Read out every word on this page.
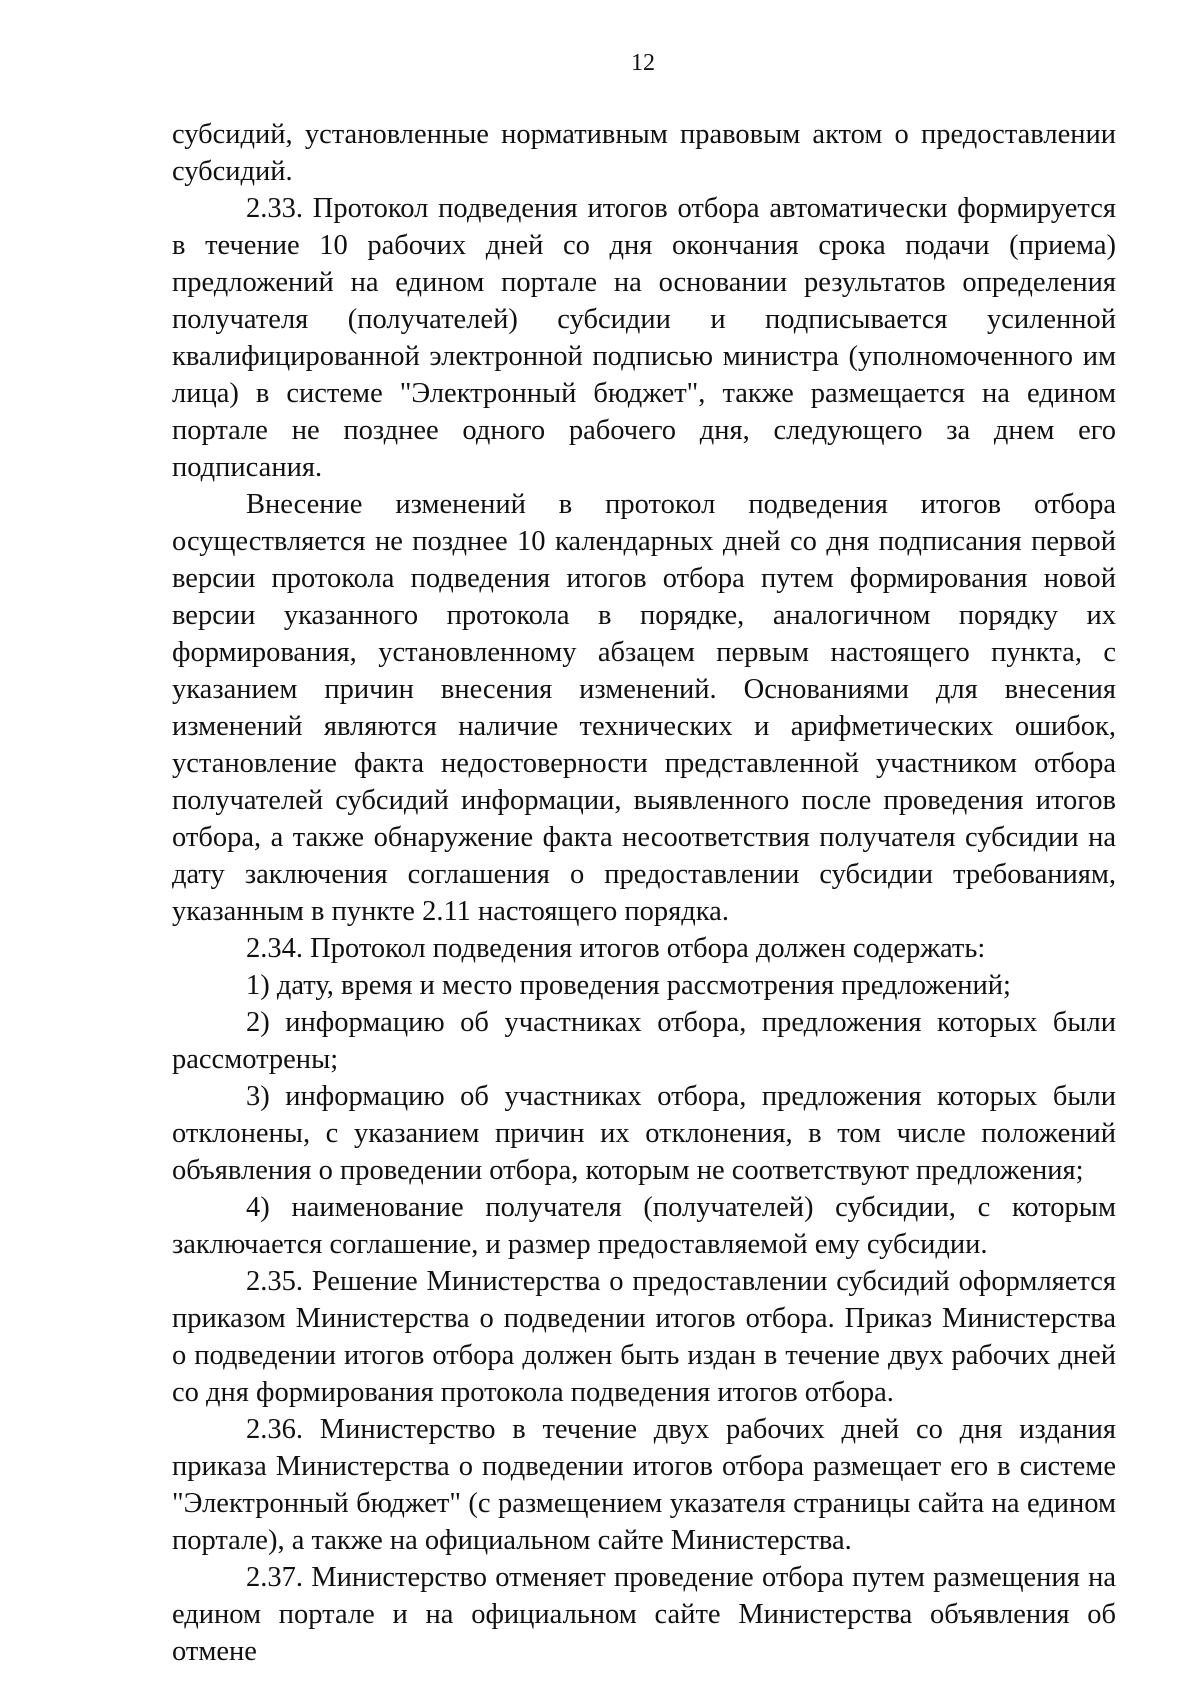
12

субсидий, установленные нормативным правовым актом о предоставлении субсидий.

2.33. Протокол подведения итогов отбора автоматически формируется в течение 10 рабочих дней со дня окончания срока подачи (приема) предложений на едином портале на основании результатов определения получателя (получателей) субсидии и подписывается усиленной квалифицированной электронной подписью министра (уполномоченного им лица) в системе "Электронный бюджет", также размещается на едином портале не позднее одного рабочего дня, следующего за днем его подписания.

Внесение изменений в протокол подведения итогов отбора осуществляется не позднее 10 календарных дней со дня подписания первой версии протокола подведения итогов отбора путем формирования новой версии указанного протокола в порядке, аналогичном порядку их формирования, установленному абзацем первым настоящего пункта, с указанием причин внесения изменений. Основаниями для внесения изменений являются наличие технических и арифметических ошибок, установление факта недостоверности представленной участником отбора получателей субсидий информации, выявленного после проведения итогов отбора, а также обнаружение факта несоответствия получателя субсидии на дату заключения соглашения о предоставлении субсидии требованиям, указанным в пункте 2.11 настоящего порядка.

2.34. Протокол подведения итогов отбора должен содержать:

1) дату, время и место проведения рассмотрения предложений;

2) информацию об участниках отбора, предложения которых были рассмотрены;

3) информацию об участниках отбора, предложения которых были отклонены, с указанием причин их отклонения, в том числе положений объявления о проведении отбора, которым не соответствуют предложения;

4) наименование получателя (получателей) субсидии, с которым заключается соглашение, и размер предоставляемой ему субсидии.

2.35. Решение Министерства о предоставлении субсидий оформляется приказом Министерства о подведении итогов отбора. Приказ Министерства о подведении итогов отбора должен быть издан в течение двух рабочих дней со дня формирования протокола подведения итогов отбора.

2.36. Министерство в течение двух рабочих дней со дня издания приказа Министерства о подведении итогов отбора размещает его в системе "Электронный бюджет" (с размещением указателя страницы сайта на едином портале), а также на официальном сайте Министерства.

2.37. Министерство отменяет проведение отбора путем размещения на едином портале и на официальном сайте Министерства объявления об отмене
